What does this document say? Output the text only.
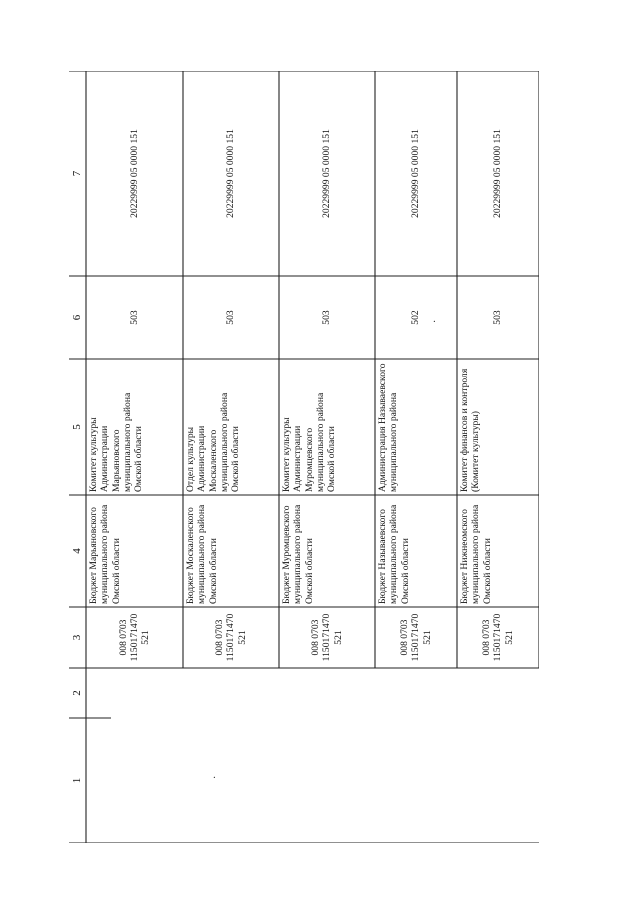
1
2
3
4
5
6
7
008 0703
1150171470 521
Бюджет Марьяновского муниципального района Омской области
Комитет культуры Администрации Марьяновского муниципального района Омской области
503
20229999 05 0000 151
008 0703
1150171470 521
Бюджет Москаленского муниципального района Омской области
Отдел культуры Администрации Москаленского муниципального района Омской области
503
20229999 05 0000 151
008 0703
1150171470 521
Бюджет Муромцевского муниципального района Омской области
Комитет культуры Администрации Муромцевского муниципального района Омской области
503
20229999 05 0000 151
008 0703
1150171470 521
Бюджет Называевского муниципального района Омской области
Администрация Называевского муниципального района
502
20229999 05 0000 151
008 0703
1150171470 521
Бюджет Нижнеомского муниципального района Омской области
Комитет финансов и контроля (Комитет культуры)
503
20229999 05 0000 151
·
·
